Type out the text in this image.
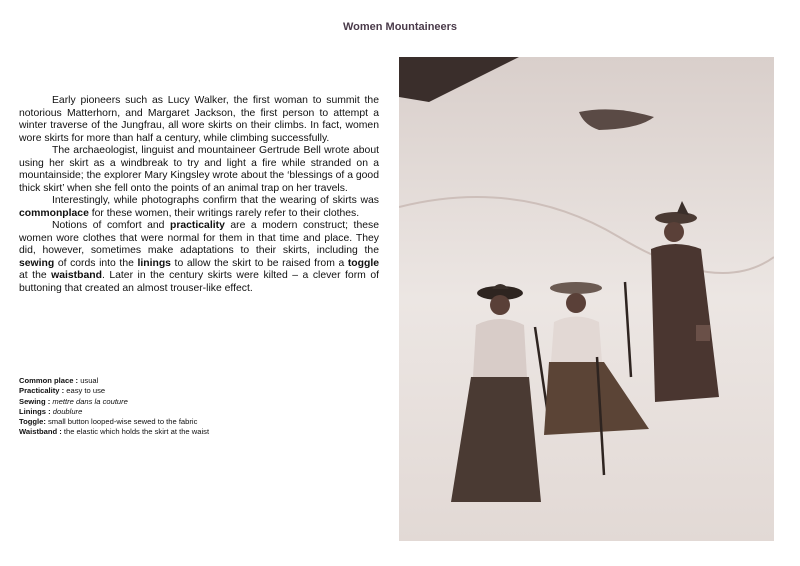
Women Mountaineers

Early pioneers such as Lucy Walker, the first woman to summit the notorious Matterhorn, and Margaret Jackson, the first person to attempt a winter traverse of the Jungfrau, all wore skirts on their climbs. In fact, women wore skirts for more than half a century, while climbing successfully.

The archaeologist, linguist and mountaineer Gertrude Bell wrote about using her skirt as a windbreak to try and light a fire while stranded on a mountainside; the explorer Mary Kingsley wrote about the ‘blessings of a good thick skirt’ when she fell onto the points of an animal trap on her travels.

Interestingly, while photographs confirm that the wearing of skirts was commonplace for these women, their writings rarely refer to their clothes.

Notions of comfort and practicality are a modern construct; these women wore clothes that were normal for them in that time and place. They did, however, sometimes make adaptations to their skirts, including the sewing of cords into the linings to allow the skirt to be raised from a toggle at the waistband. Later in the century skirts were kilted – a clever form of buttoning that created an almost trouser-like effect.

Common place : usual
Practicality : easy to use
Sewing : mettre dans la couture
Linings : doublure
Toggle: small button looped-wise sewed to the fabric
Waistband : the elastic which holds the skirt at the waist
